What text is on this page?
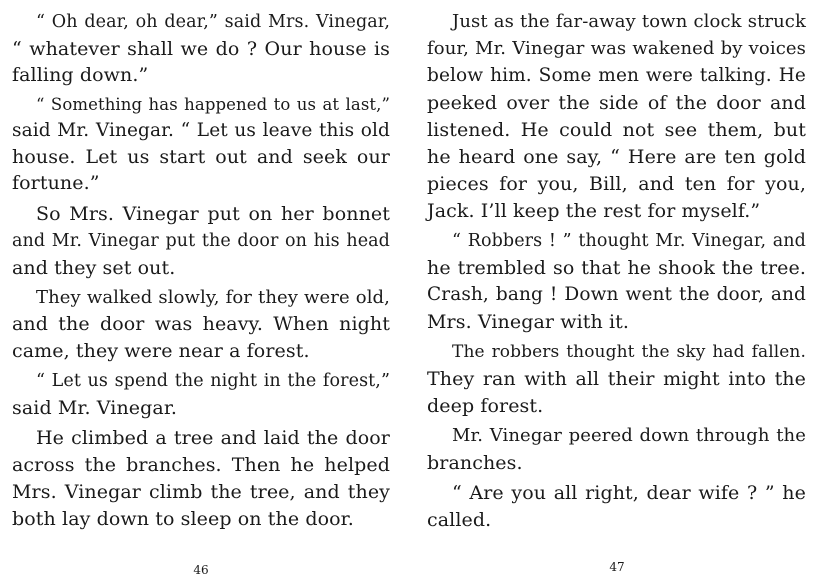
“ Oh dear, oh dear,” said Mrs. Vinegar,
“ whatever shall we do ? Our house is
falling down.”
“ Something has happened to us at last,”
said Mr. Vinegar. “ Let us leave this old
house. Let us start out and seek our
fortune.”
So Mrs. Vinegar put on her bonnet
and Mr. Vinegar put the door on his head
and they set out.
They walked slowly, for they were old,
and the door was heavy. When night
came, they were near a forest.
“ Let us spend the night in the forest,”
said Mr. Vinegar.
He climbed a tree and laid the door
across the branches. Then he helped
Mrs. Vinegar climb the tree, and they
both lay down to sleep on the door.
46
Just as the far-away town clock struck
four, Mr. Vinegar was wakened by voices
below him. Some men were talking. He
peeked over the side of the door and
listened. He could not see them, but
he heard one say, “ Here are ten gold
pieces for you, Bill, and ten for you,
Jack. I’ll keep the rest for myself.”
“ Robbers ! ” thought Mr. Vinegar, and
he trembled so that he shook the tree.
Crash, bang ! Down went the door, and
Mrs. Vinegar with it.
The robbers thought the sky had fallen.
They ran with all their might into the
deep forest.
Mr. Vinegar peered down through the
branches.
“ Are you all right, dear wife ? ” he
called.
47
